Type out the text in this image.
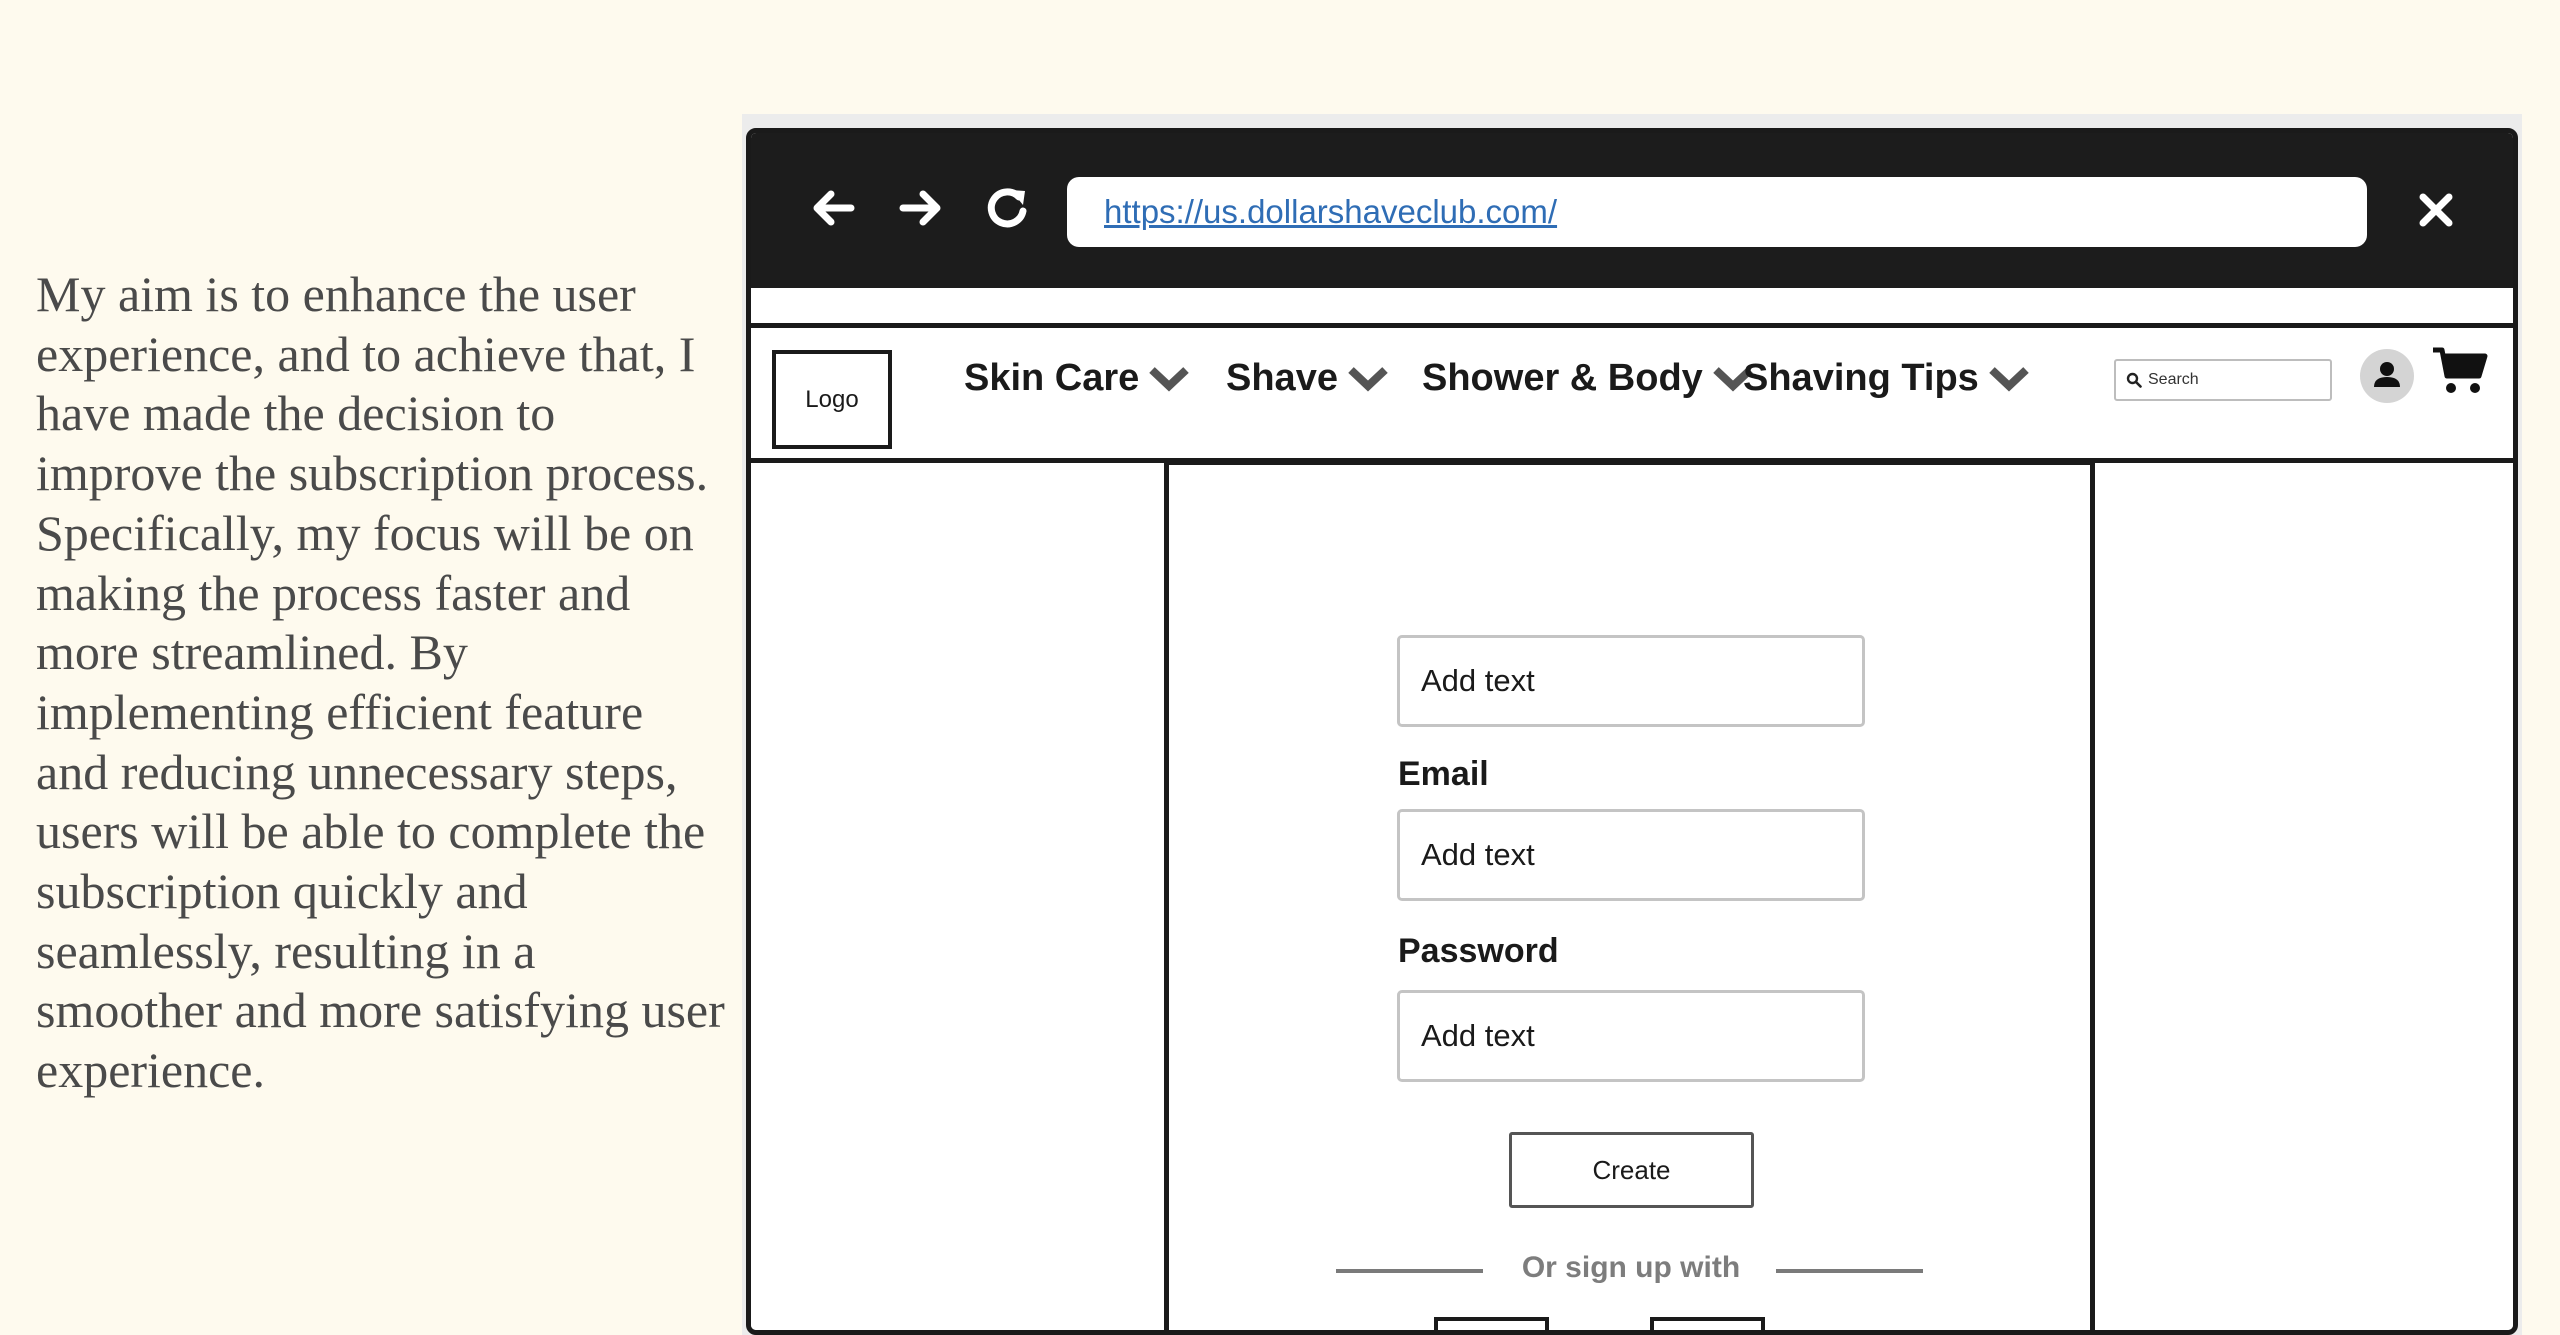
My aim is to enhance the user experience, and to achieve that, I have made the decision to improve the subscription process. Specifically, my focus will be on making the process faster and more streamlined. By implementing efficient feature and reducing unnecessary steps, users will be able to complete the subscription quickly and seamlessly, resulting in a smoother and more satisfying user experience.

https://us.dollarshaveclub.com/
Logo
Skin Care Shave Shower & Body Shaving Tips	Search
Add text
Email
Add text
Password
Add text
Create
Or sign up with
